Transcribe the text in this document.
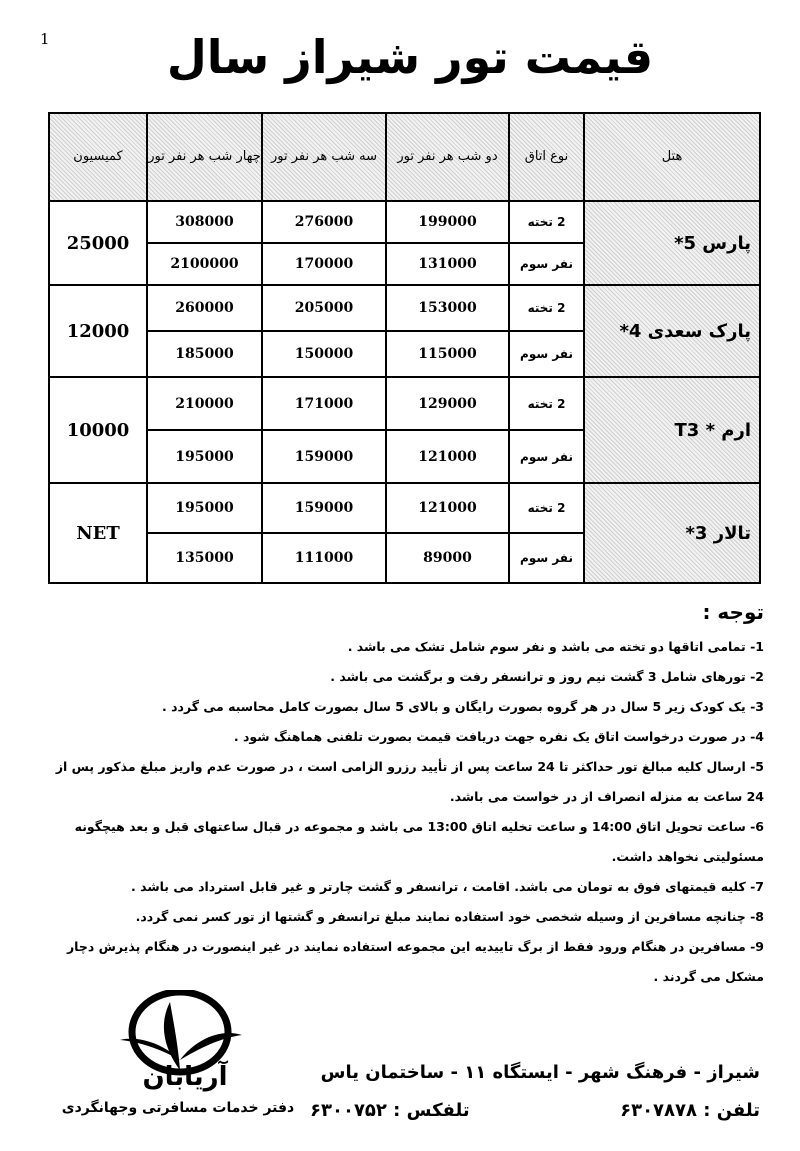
1	قیمت تور شیراز سال
هتل	نوع اتاق	دو شب هر نفر تور	سه شب هر نفر تور	چهار شب هر نفر تور	کمیسیون
پارس 5*	2 تخته	199000	276000	308000	25000
	نفر سوم	131000	170000	2100000	
پارک سعدی 4*	2 تخته	153000	205000	260000	12000
	نفر سوم	115000	150000	185000	
ارم * T3	2 تخته	129000	171000	210000	10000
	نفر سوم	121000	159000	195000	
تالار 3*	2 تخته	121000	159000	195000	NET
	نفر سوم	89000	111000	135000	
توجه :

1- تمامی اتاقها دو تخته می باشد و نفر سوم شامل تشک می باشد .

2- تورهای شامل 3 گشت نیم روز و ترانسفر رفت و برگشت می باشد .

3- یک کودک زیر 5 سال در هر گروه بصورت رایگان و بالای 5 سال بصورت کامل محاسبه می گردد .

4- در صورت درخواست اتاق یک نفره جهت دریافت قیمت بصورت تلفنی هماهنگ شود .

5- ارسال کلیه مبالغ تور حداکثر تا 24 ساعت پس از تأیید رزرو الزامی است ، در صورت عدم واریز مبلغ مذکور پس از 24 ساعت به منزله انصراف از در خواست می باشد.

6- ساعت تحویل اتاق 14:00 و ساعت تخلیه اتاق 13:00 می باشد و مجموعه در قبال ساعتهای قبل و بعد هیچگونه مسئولیتی نخواهد داشت.

7- کلیه قیمتهای فوق به تومان می باشد. اقامت ، ترانسفر و گشت چارتر و غیر قابل استرداد می باشد .

8- چنانچه مسافرین از وسیله شخصی خود استفاده نمایند مبلغ ترانسفر و گشتها از تور کسر نمی گردد.

9- مسافرین در هنگام ورود فقط از برگ تاییدیه این مجموعه استفاده نمایند در غیر اینصورت در هنگام پذیرش دچار مشکل می گردند .

آریابان
دفتر خدمات مسافرتی وجهانگردی
شیراز - فرهنگ شهر - ایستگاه ۱۱ - ساختمان یاس
تلفن : ۶۳۰۷۸۷۸
تلفکس : ۶۳۰۰۷۵۲
